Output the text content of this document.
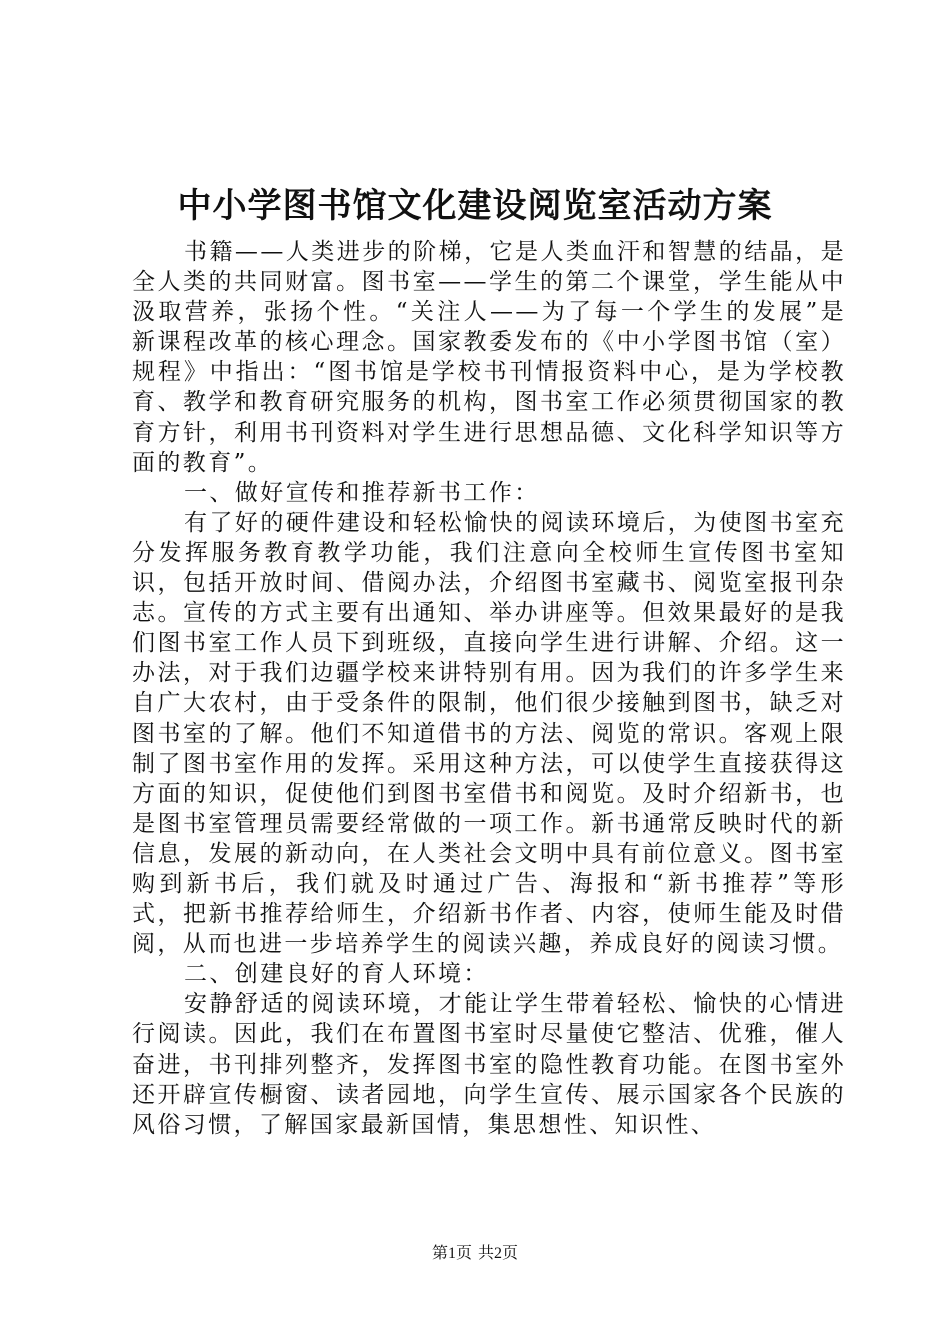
中小学图书馆文化建设阅览室活动方案

书籍——人类进步的阶梯，它是人类血汗和智慧的结晶，是全人类的共同财富。图书室——学生的第二个课堂，学生能从中汲取营养，张扬个性。“关注人——为了每一个学生的发展”是新课程改革的核心理念。国家教委发布的《中小学图书馆（室）规程》中指出：“图书馆是学校书刊情报资料中心，是为学校教育、教学和教育研究服务的机构，图书室工作必须贯彻国家的教育方针，利用书刊资料对学生进行思想品德、文化科学知识等方面的教育”。

一、做好宣传和推荐新书工作：

有了好的硬件建设和轻松愉快的阅读环境后，为使图书室充分发挥服务教育教学功能，我们注意向全校师生宣传图书室知识，包括开放时间、借阅办法，介绍图书室藏书、阅览室报刊杂志。宣传的方式主要有出通知、举办讲座等。但效果最好的是我们图书室工作人员下到班级，直接向学生进行讲解、介绍。这一办法，对于我们边疆学校来讲特别有用。因为我们的许多学生来自广大农村，由于受条件的限制，他们很少接触到图书，缺乏对图书室的了解。他们不知道借书的方法、阅览的常识。客观上限制了图书室作用的发挥。采用这种方法，可以使学生直接获得这方面的知识，促使他们到图书室借书和阅览。及时介绍新书，也是图书室管理员需要经常做的一项工作。新书通常反映时代的新信息，发展的新动向，在人类社会文明中具有前位意义。图书室购到新书后，我们就及时通过广告、海报和“新书推荐”等形式，把新书推荐给师生，介绍新书作者、内容，使师生能及时借阅，从而也进一步培养学生的阅读兴趣，养成良好的阅读习惯。

二、创建良好的育人环境：

安静舒适的阅读环境，才能让学生带着轻松、愉快的心情进行阅读。因此，我们在布置图书室时尽量使它整洁、优雅，催人奋进，书刊排列整齐，发挥图书室的隐性教育功能。在图书室外还开辟宣传橱窗、读者园地，向学生宣传、展示国家各个民族的风俗习惯，了解国家最新国情，集思想性、知识性、

第1页 共2页
